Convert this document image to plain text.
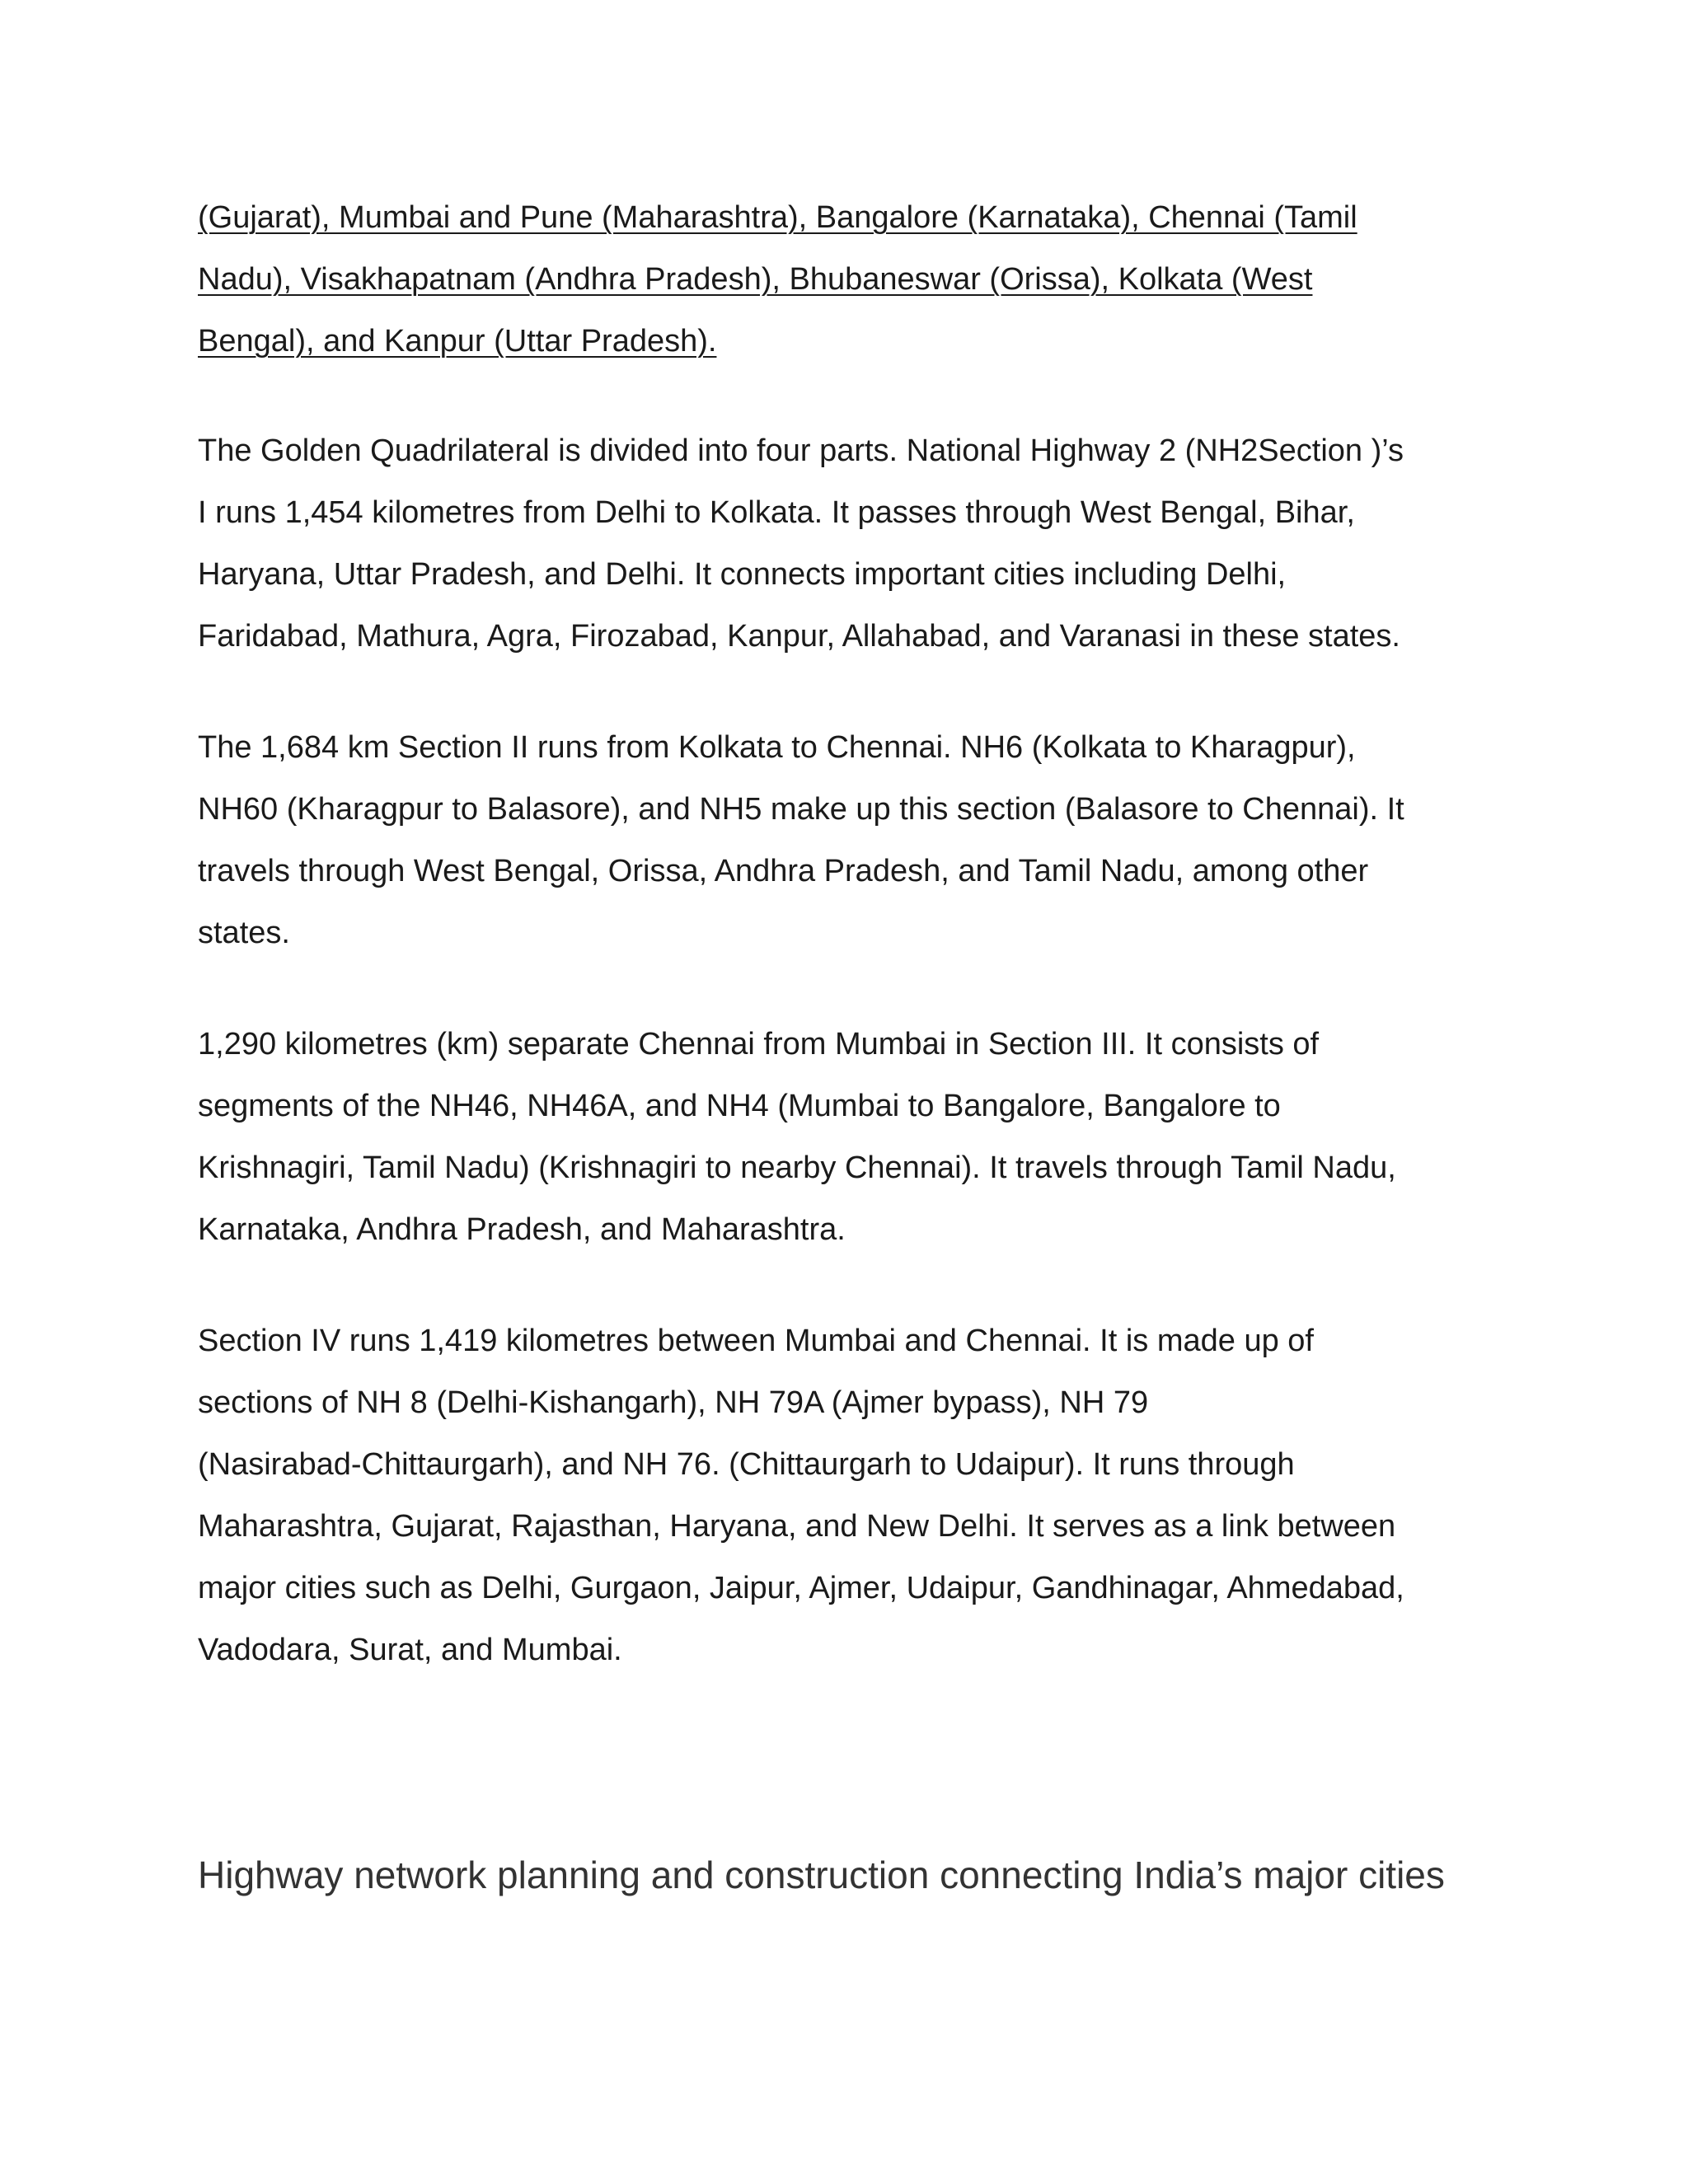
(Gujarat), Mumbai and Pune (Maharashtra), Bangalore (Karnataka), Chennai (Tamil
Nadu), Visakhapatnam (Andhra Pradesh), Bhubaneswar (Orissa), Kolkata (West
Bengal), and Kanpur (Uttar Pradesh).

The Golden Quadrilateral is divided into four parts. National Highway 2 (NH2Section )’s
I runs 1,454 kilometres from Delhi to Kolkata. It passes through West Bengal, Bihar,
Haryana, Uttar Pradesh, and Delhi. It connects important cities including Delhi,
Faridabad, Mathura, Agra, Firozabad, Kanpur, Allahabad, and Varanasi in these states.

The 1,684 km Section II runs from Kolkata to Chennai. NH6 (Kolkata to Kharagpur),
NH60 (Kharagpur to Balasore), and NH5 make up this section (Balasore to Chennai). It
travels through West Bengal, Orissa, Andhra Pradesh, and Tamil Nadu, among other
states.

1,290 kilometres (km) separate Chennai from Mumbai in Section III. It consists of
segments of the NH46, NH46A, and NH4 (Mumbai to Bangalore, Bangalore to
Krishnagiri, Tamil Nadu) (Krishnagiri to nearby Chennai). It travels through Tamil Nadu,
Karnataka, Andhra Pradesh, and Maharashtra.

Section IV runs 1,419 kilometres between Mumbai and Chennai. It is made up of
sections of NH 8 (Delhi-Kishangarh), NH 79A (Ajmer bypass), NH 79
(Nasirabad-Chittaurgarh), and NH 76. (Chittaurgarh to Udaipur). It runs through
Maharashtra, Gujarat, Rajasthan, Haryana, and New Delhi. It serves as a link between
major cities such as Delhi, Gurgaon, Jaipur, Ajmer, Udaipur, Gandhinagar, Ahmedabad,
Vadodara, Surat, and Mumbai.

Highway network planning and construction connecting India’s major cities
